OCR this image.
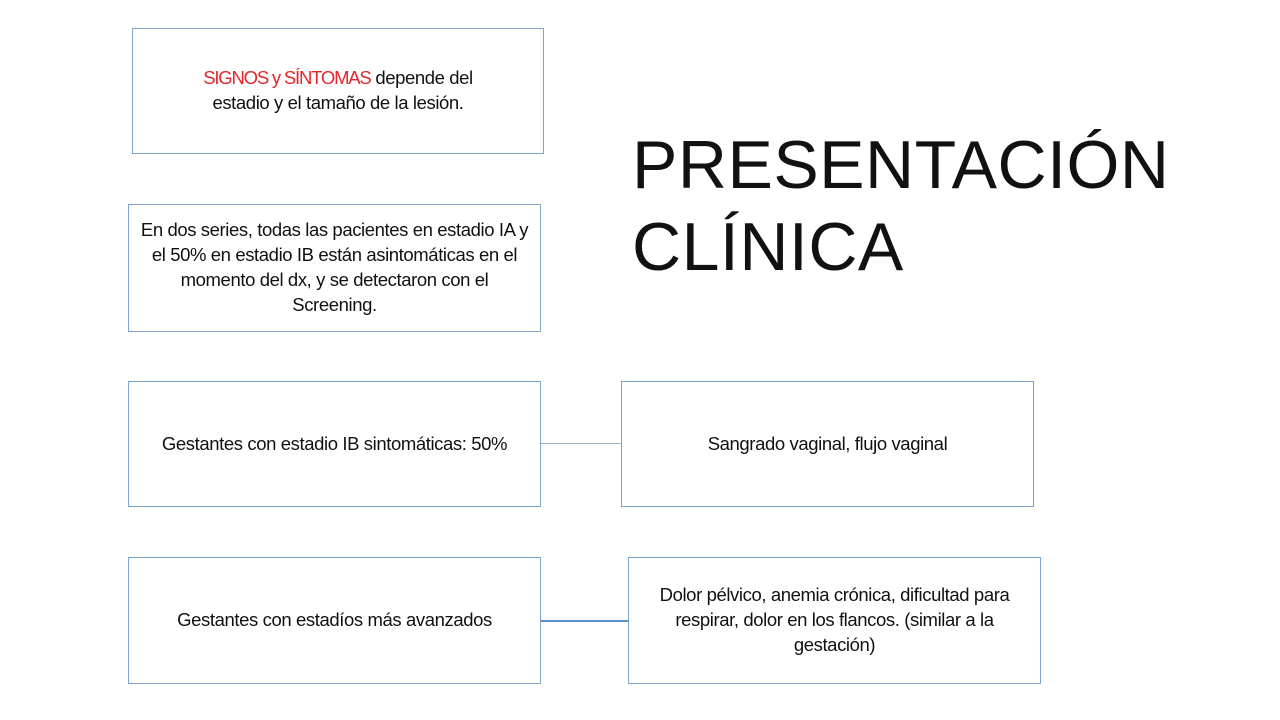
SIGNOS y SÍNTOMAS depende del
estadio y el tamaño de la lesión.
En dos series, todas las pacientes en estadio IA y el 50% en estadio IB están asintomáticas en el momento del dx, y se detectaron con el Screening.
Gestantes con estadio IB sintomáticas: 50%	Sangrado vaginal, flujo vaginal
Gestantes con estadíos más avanzados
Dolor pélvico, anemia crónica, dificultad para respirar, dolor en los flancos. (similar a la gestación)
PRESENTACIÓN
CLÍNICA
